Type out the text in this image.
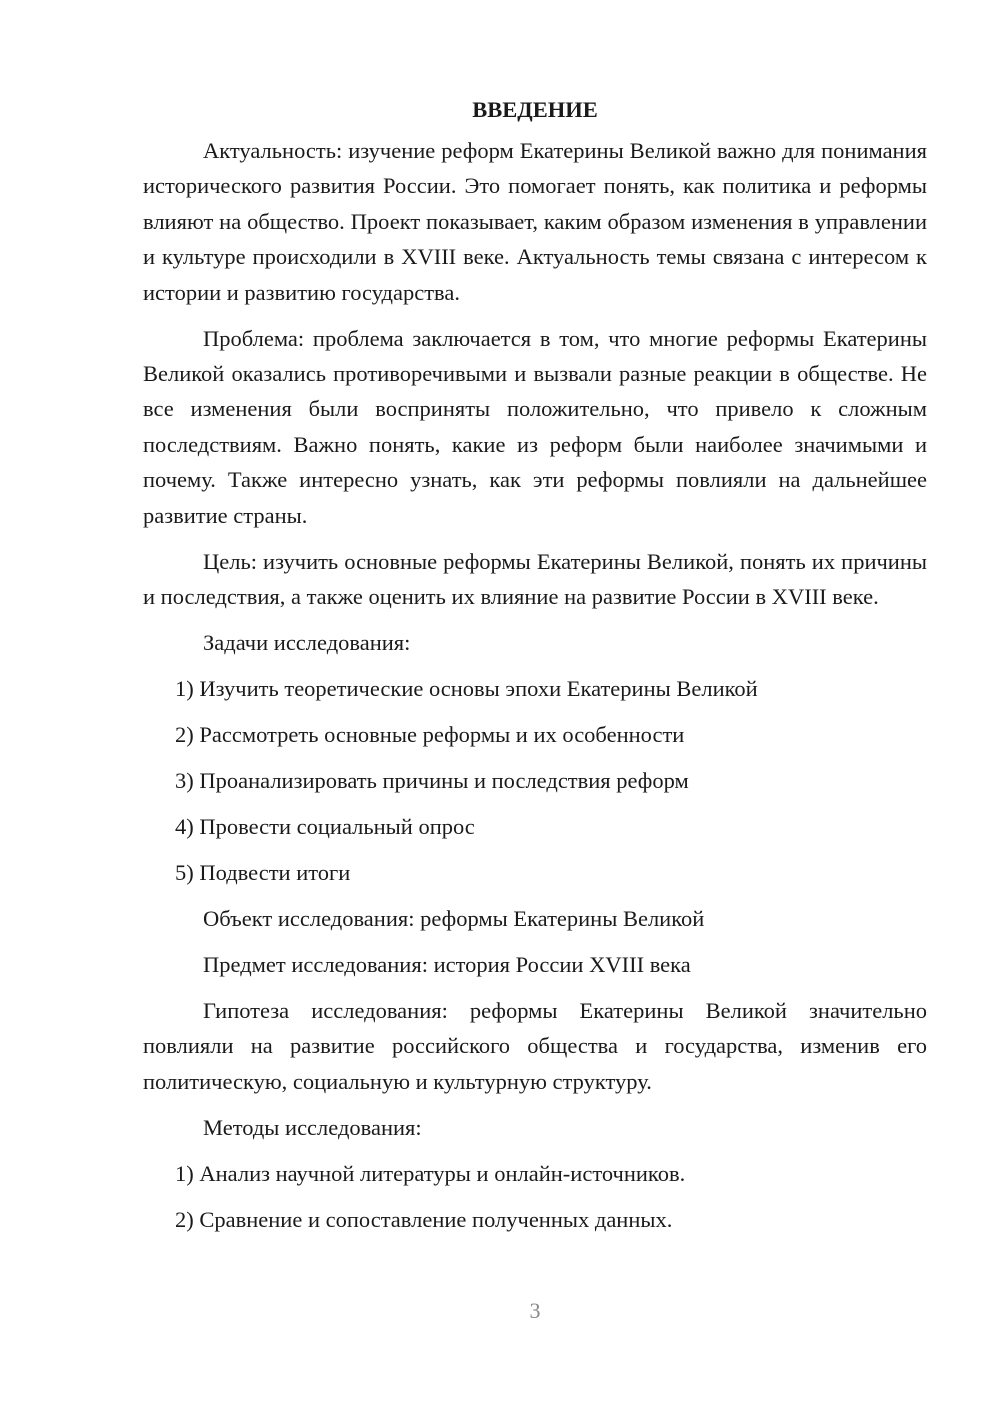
ВВЕДЕНИЕ

Актуальность: изучение реформ Екатерины Великой важно для понимания исторического развития России. Это помогает понять, как политика и реформы влияют на общество. Проект показывает, каким образом изменения в управлении и культуре происходили в XVIII веке. Актуальность темы связана с интересом к истории и развитию государства.

Проблема: проблема заключается в том, что многие реформы Екатерины Великой оказались противоречивыми и вызвали разные реакции в обществе. Не все изменения были восприняты положительно, что привело к сложным последствиям. Важно понять, какие из реформ были наиболее значимыми и почему. Также интересно узнать, как эти реформы повлияли на дальнейшее развитие страны.

Цель: изучить основные реформы Екатерины Великой, понять их причины и последствия, а также оценить их влияние на развитие России в XVIII веке.

Задачи исследования:

1) Изучить теоретические основы эпохи Екатерины Великой
2) Рассмотреть основные реформы и их особенности
3) Проанализировать причины и последствия реформ
4) Провести социальный опрос
5) Подвести итоги

Объект исследования: реформы Екатерины Великой

Предмет исследования: история России XVIII века

Гипотеза исследования: реформы Екатерины Великой значительно повлияли на развитие российского общества и государства, изменив его политическую, социальную и культурную структуру.

Методы исследования:

1) Анализ научной литературы и онлайн-источников.
2) Сравнение и сопоставление полученных данных.
3
